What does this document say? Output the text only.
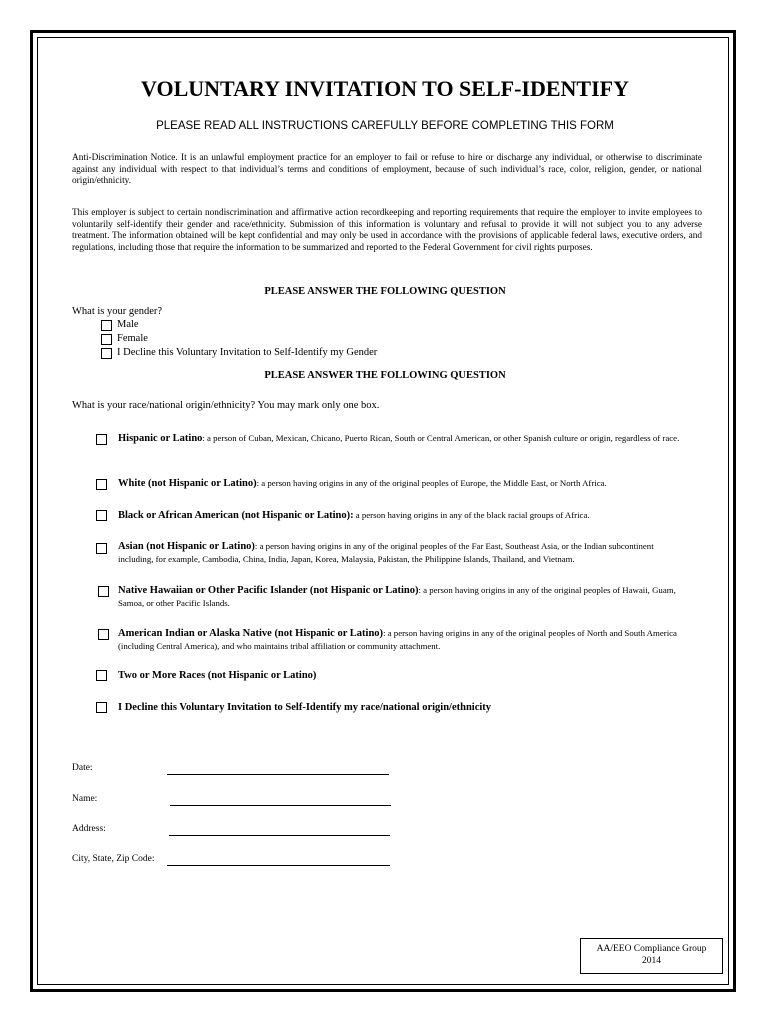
VOLUNTARY INVITATION TO SELF-IDENTIFY
PLEASE READ ALL INSTRUCTIONS CAREFULLY BEFORE COMPLETING THIS FORM
Anti-Discrimination Notice. It is an unlawful employment practice for an employer to fail or refuse to hire or discharge any individual, or otherwise to discriminate against any individual with respect to that individual’s terms and conditions of employment, because of such individual’s race, color, religion, gender, or national origin/ethnicity.
This employer is subject to certain nondiscrimination and affirmative action recordkeeping and reporting requirements that require the employer to invite employees to voluntarily self-identify their gender and race/ethnicity. Submission of this information is voluntary and refusal to provide it will not subject you to any adverse treatment. The information obtained will be kept confidential and may only be used in accordance with the provisions of applicable federal laws, executive orders, and regulations, including those that require the information to be summarized and reported to the Federal Government for civil rights purposes.
PLEASE ANSWER THE FOLLOWING QUESTION
What is your gender?
Male
Female
I Decline this Voluntary Invitation to Self-Identify my Gender
PLEASE ANSWER THE FOLLOWING QUESTION
What is your race/national origin/ethnicity? You may mark only one box.
Hispanic or Latino: a person of Cuban, Mexican, Chicano, Puerto Rican, South or Central American, or other Spanish culture or origin, regardless of race.
White (not Hispanic or Latino): a person having origins in any of the original peoples of Europe, the Middle East, or North Africa.
Black or African American (not Hispanic or Latino): a person having origins in any of the black racial groups of Africa.
Asian (not Hispanic or Latino): a person having origins in any of the original peoples of the Far East, Southeast Asia, or the Indian subcontinent including, for example, Cambodia, China, India, Japan, Korea, Malaysia, Pakistan, the Philippine Islands, Thailand, and Vietnam.
Native Hawaiian or Other Pacific Islander (not Hispanic or Latino): a person having origins in any of the original peoples of Hawaii, Guam, Samoa, or other Pacific Islands.
American Indian or Alaska Native (not Hispanic or Latino): a person having origins in any of the original peoples of North and South America (including Central America), and who maintains tribal affiliation or community attachment.
Two or More Races (not Hispanic or Latino)
I Decline this Voluntary Invitation to Self-Identify my race/national origin/ethnicity
Date:
Name:
Address:
City, State, Zip Code:
AA/EEO Compliance Group
2014
